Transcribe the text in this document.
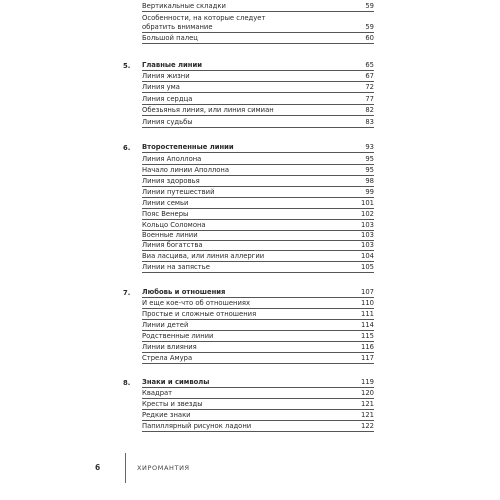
Вертикальные складки	59
Особенности, на которые следует
обратить внимание	59
Большой палец	60
5. Главные линии	65
Линия жизни	67
Линия ума	72
Линия сердца	77
Обезьянья линия, или линия симиан	82
Линия судьбы	83
6. Второстепенные линии	93
Линия Аполлона	95
Начало линии Аполлона	95
Линия здоровья	98
Линии путешествий	99
Линии семьи	101
Пояс Венеры	102
Кольцо Соломона	103
Военные линии	103
Линия богатства	103
Виа ласцива, или линия аллергии	104
Линии на запястье	105
7. Любовь и отношения	107
И еще кое-что об отношениях	110
Простые и сложные отношения	111
Линии детей	114
Родственные линии	115
Линии влияния	116
Стрела Амура	117
8. Знаки и символы	119
Квадрат	120
Кресты и звезды	121
Редкие знаки	121
Папиллярный рисунок ладони	122
6	ХИРОМАНТИЯ
